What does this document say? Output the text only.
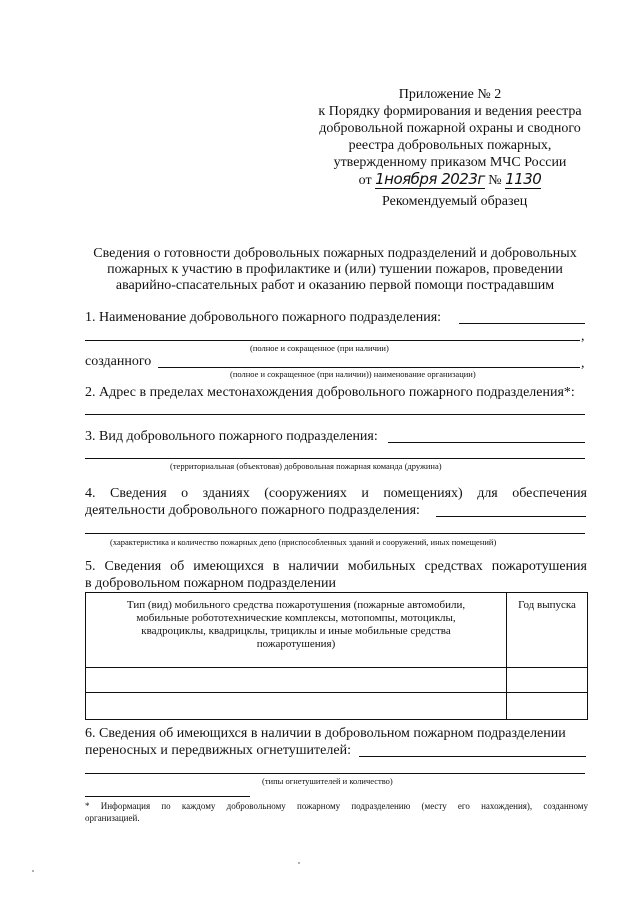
Приложение № 2
к Порядку формирования и ведения реестра
добровольной пожарной охраны и сводного
реестра добровольных пожарных,
утвержденному приказом МЧС России
от 1ноября 2023г № 1130
Рекомендуемый образец
Сведения о готовности добровольных пожарных подразделений и добровольных
пожарных к участию в профилактике и (или) тушении пожаров, проведении
аварийно-спасательных работ и оказанию первой помощи пострадавшим
1. Наименование добровольного пожарного подразделения:
,
(полное и сокращенное (при наличии)
созданного	,
(полное и сокращенное (при наличии)) наименование организации)
2. Адрес в пределах местонахождения добровольного пожарного подразделения*:
3. Вид добровольного пожарного подразделения:
(территориальная (объектовая) добровольная пожарная команда (дружина)
4. Сведения о зданиях (сооружениях и помещениях) для обеспечения
деятельности добровольного пожарного подразделения:
(характеристика и количество пожарных депо (приспособленных зданий и сооружений, иных помещений)
5. Сведения об имеющихся в наличии мобильных средствах пожаротушения
в добровольном пожарном подразделении
Тип (вид) мобильного средства пожаротушения (пожарные автомобили,
мобильные робототехнические комплексы, мотопомпы, мотоциклы,
квадроциклы, квадрицклы, трициклы и иные мобильные средства
пожаротушения)	Год выпуска

6. Сведения об имеющихся в наличии в добровольном пожарном подразделении
переносных и передвижных огнетушителей:
(типы огнетушителей и количество)
* Информация по каждому добровольному пожарному подразделению (месту его нахождения), созданному
организацией.
